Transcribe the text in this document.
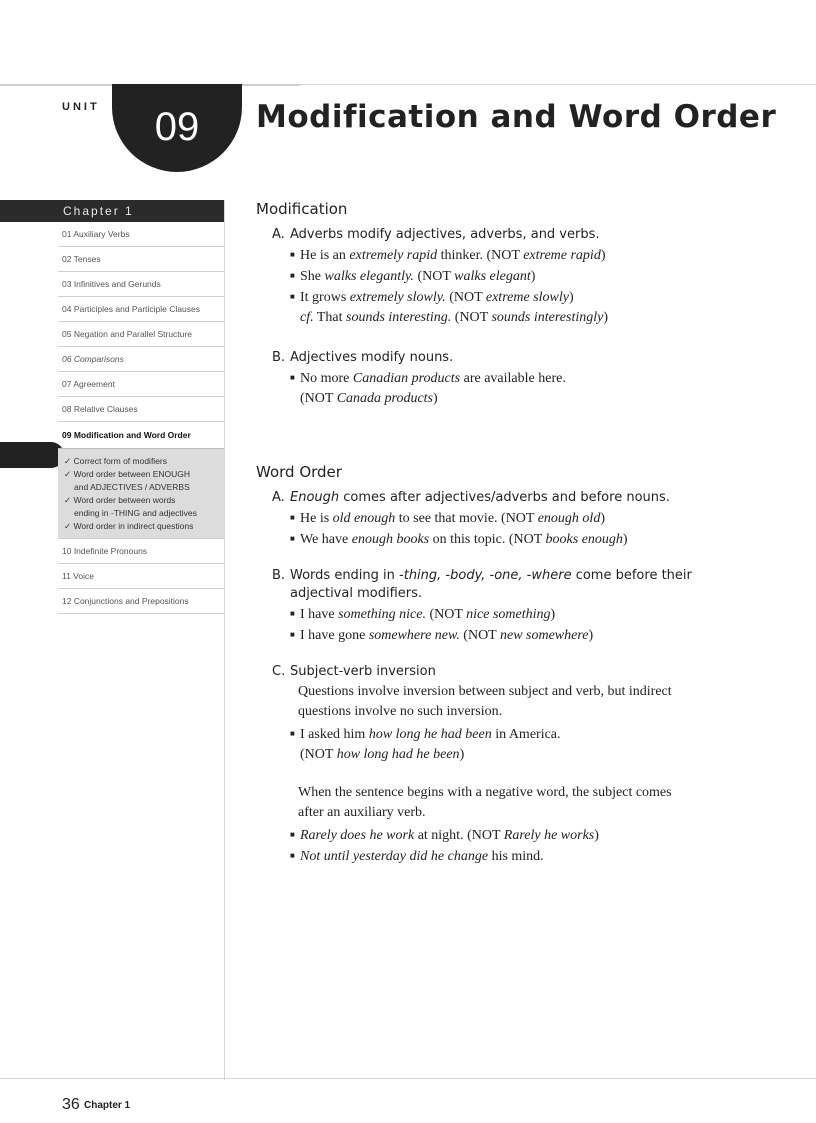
UNIT	09	Modification and Word Order
Chapter 1
01 Auxiliary Verbs
02 Tenses
03 Infinitives and Gerunds
04 Participles and Participle Clauses
05 Negation and Parallel Structure
06 Comparisons
07 Agreement
08 Relative Clauses
09 Modification and Word Order
✓ Correct form of modifiers
✓ Word order between ENOUGH
and ADJECTIVES / ADVERBS
✓ Word order between words
ending in -THING and adjectives
✓ Word order in indirect questions
10 Indefinite Pronouns
11 Voice
12 Conjunctions and Prepositions

Modification

A. Adverbs modify adjectives, adverbs, and verbs.

■ He is an extremely rapid thinker. (NOT extreme rapid)

■ She walks elegantly. (NOT walks elegant)

■ It grows extremely slowly. (NOT extreme slowly)

cf. That sounds interesting. (NOT sounds interestingly)

B. Adjectives modify nouns.

■ No more Canadian products are available here.

(NOT Canada products)

Word Order

A. Enough comes after adjectives/adverbs and before nouns.

■ He is old enough to see that movie. (NOT enough old)

■ We have enough books on this topic. (NOT books enough)

B. Words ending in -thing, -body, -one, -where come before their

adjectival modifiers.

■ I have something nice. (NOT nice something)

■ I have gone somewhere new. (NOT new somewhere)

C. Subject-verb inversion

Questions involve inversion between subject and verb, but indirect

questions involve no such inversion.

■ I asked him how long he had been in America.

(NOT how long had he been)

When the sentence begins with a negative word, the subject comes

after an auxiliary verb.

■ Rarely does he work at night. (NOT Rarely he works)

■ Not until yesterday did he change his mind.

36 Chapter 1
